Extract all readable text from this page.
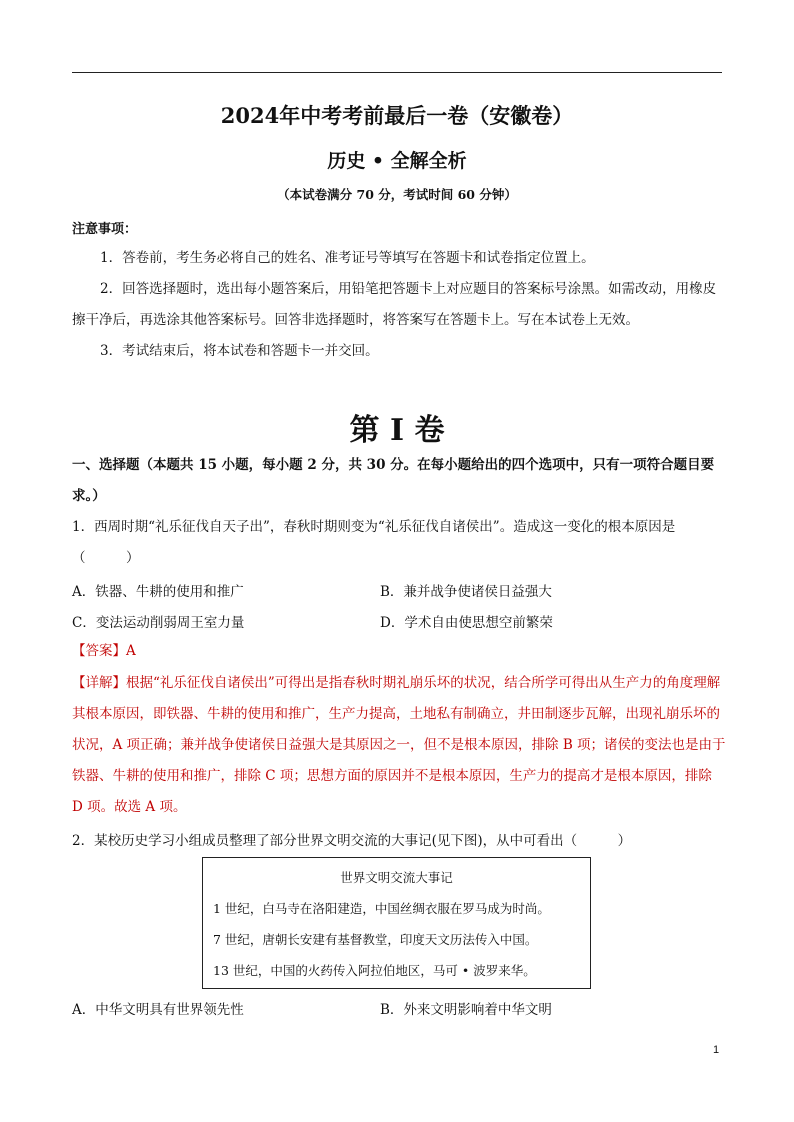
2024年中考考前最后一卷（安徽卷）
历史 • 全解全析
（本试卷满分 70 分，考试时间 60 分钟）
注意事项：
1．答卷前，考生务必将自己的姓名、准考证号等填写在答题卡和试卷指定位置上。
2．回答选择题时，选出每小题答案后，用铅笔把答题卡上对应题目的答案标号涂黑。如需改动，用橡皮擦干净后，再选涂其他答案标号。回答非选择题时，将答案写在答题卡上。写在本试卷上无效。
3．考试结束后，将本试卷和答题卡一并交回。
第 I 卷
一、选择题（本题共 15 小题，每小题 2 分，共 30 分。在每小题给出的四个选项中，只有一项符合题目要求。）
1．西周时期“礼乐征伐自天子出”，春秋时期则变为“礼乐征伐自诸侯出”。造成这一变化的根本原因是（　　　）
A．铁器、牛耕的使用和推广	B．兼并战争使诸侯日益强大
C．变法运动削弱周王室力量	D．学术自由使思想空前繁荣
【答案】A
【详解】根据“礼乐征伐自诸侯出”可得出是指春秋时期礼崩乐坏的状况，结合所学可得出从生产力的角度理解其根本原因，即铁器、牛耕的使用和推广，生产力提高，土地私有制确立，井田制逐步瓦解，出现礼崩乐坏的状况，A 项正确；兼并战争使诸侯日益强大是其原因之一，但不是根本原因，排除 B 项；诸侯的变法也是由于铁器、牛耕的使用和推广，排除 C 项；思想方面的原因并不是根本原因，生产力的提高才是根本原因，排除 D 项。故选 A 项。
2．某校历史学习小组成员整理了部分世界文明交流的大事记(见下图)，从中可看出（　　　）
世界文明交流大事记
1 世纪，白马寺在洛阳建造，中国丝绸衣服在罗马成为时尚。
7 世纪，唐朝长安建有基督教堂，印度天文历法传入中国。
13 世纪，中国的火药传入阿拉伯地区，马可 • 波罗来华。
A．中华文明具有世界领先性	B．外来文明影响着中华文明
1
